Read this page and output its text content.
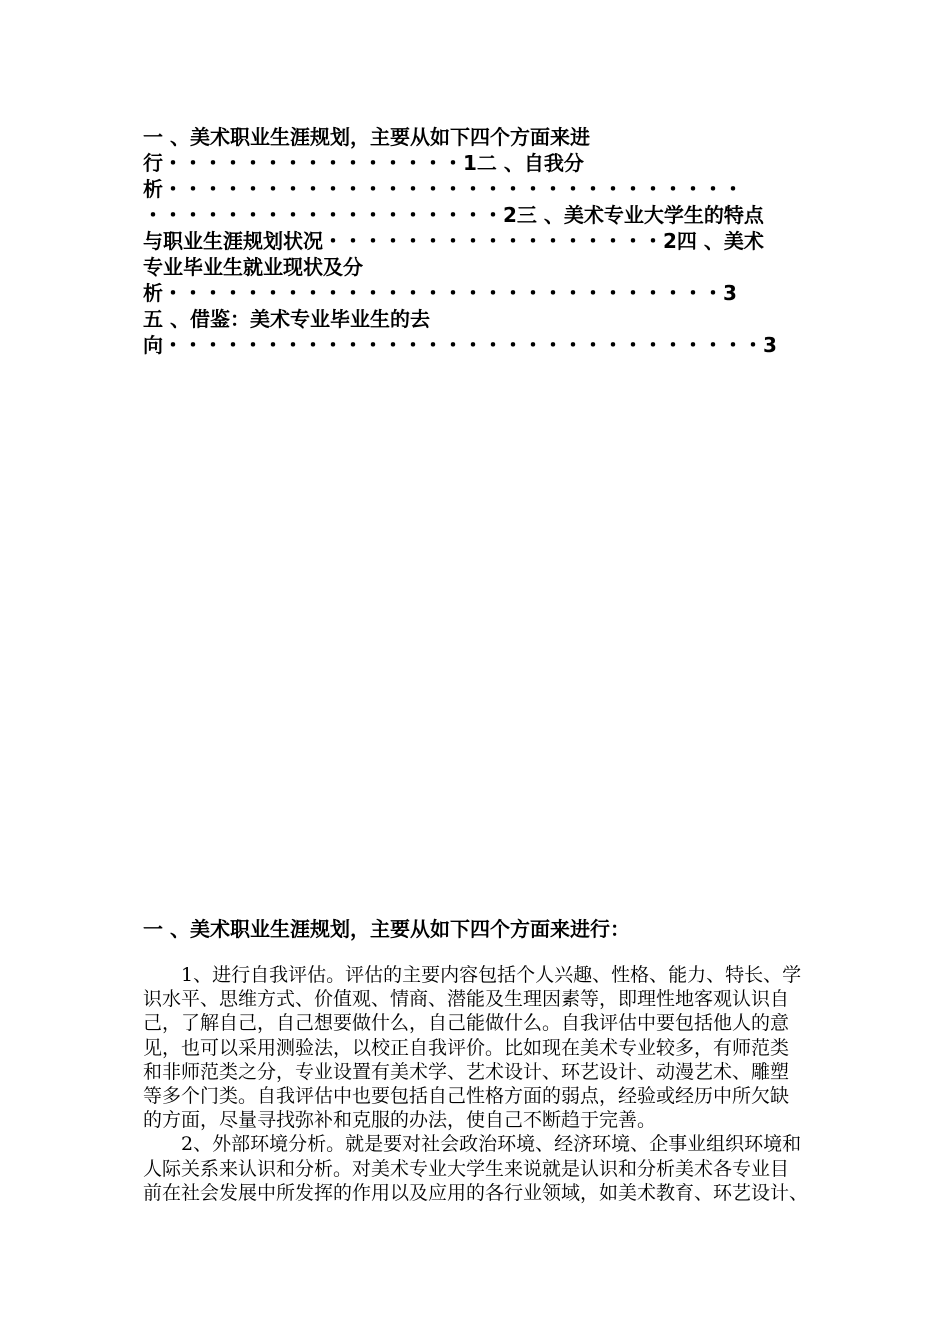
一 、美术职业生涯规划，主要从如下四个方面来进
行・・・・・・・・・・・・・・・1二 、自我分
析・・・・・・・・・・・・・・・・・・・・・・・・・・・・・
・・・・・・・・・・・・・・・・・・2三 、美术专业大学生的特点
与职业生涯规划状况・・・・・・・・・・・・・・・・・2四 、美术
专业毕业生就业现状及分
析・・・・・・・・・・・・・・・・・・・・・・・・・・・・3
五 、借鉴：美术专业毕业生的去
向・・・・・・・・・・・・・・・・・・・・・・・・・・・・・・3
一 、美术职业生涯规划，主要从如下四个方面来进行：
　　1、进行自我评估。评估的主要内容包括个人兴趣、性格、能力、特长、学
识水平、思维方式、价值观、情商、潜能及生理因素等，即理性地客观认识自
己，了解自己，自己想要做什么，自己能做什么。自我评估中要包括他人的意
见，也可以采用测验法，以校正自我评价。比如现在美术专业较多，有师范类
和非师范类之分，专业设置有美术学、艺术设计、环艺设计、动漫艺术、雕塑
等多个门类。自我评估中也要包括自己性格方面的弱点，经验或经历中所欠缺
的方面，尽量寻找弥补和克服的办法，使自己不断趋于完善。
　　2、外部环境分析。就是要对社会政治环境、经济环境、企事业组织环境和
人际关系来认识和分析。对美术专业大学生来说就是认识和分析美术各专业目
前在社会发展中所发挥的作用以及应用的各行业领域，如美术教育、环艺设计、
